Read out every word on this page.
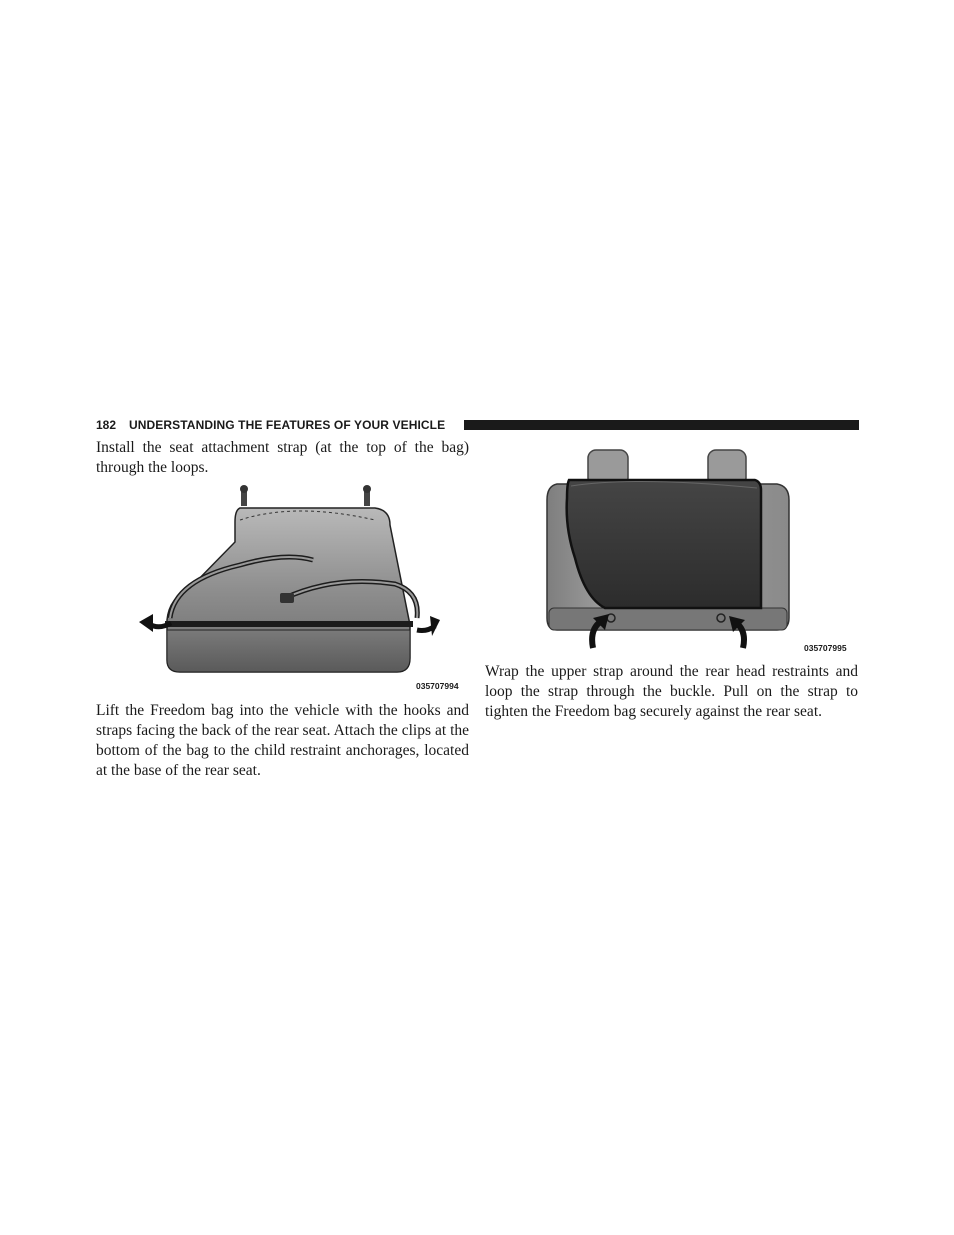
182 UNDERSTANDING THE FEATURES OF YOUR VEHICLE

Install the seat attachment strap (at the top of the bag) through the loops.

035707994

Lift the Freedom bag into the vehicle with the hooks and straps facing the back of the rear seat. Attach the clips at the bottom of the bag to the child restraint anchorages, located at the base of the rear seat.

035707995

Wrap the upper strap around the rear head restraints and loop the strap through the buckle. Pull on the strap to tighten the Freedom bag securely against the rear seat.
